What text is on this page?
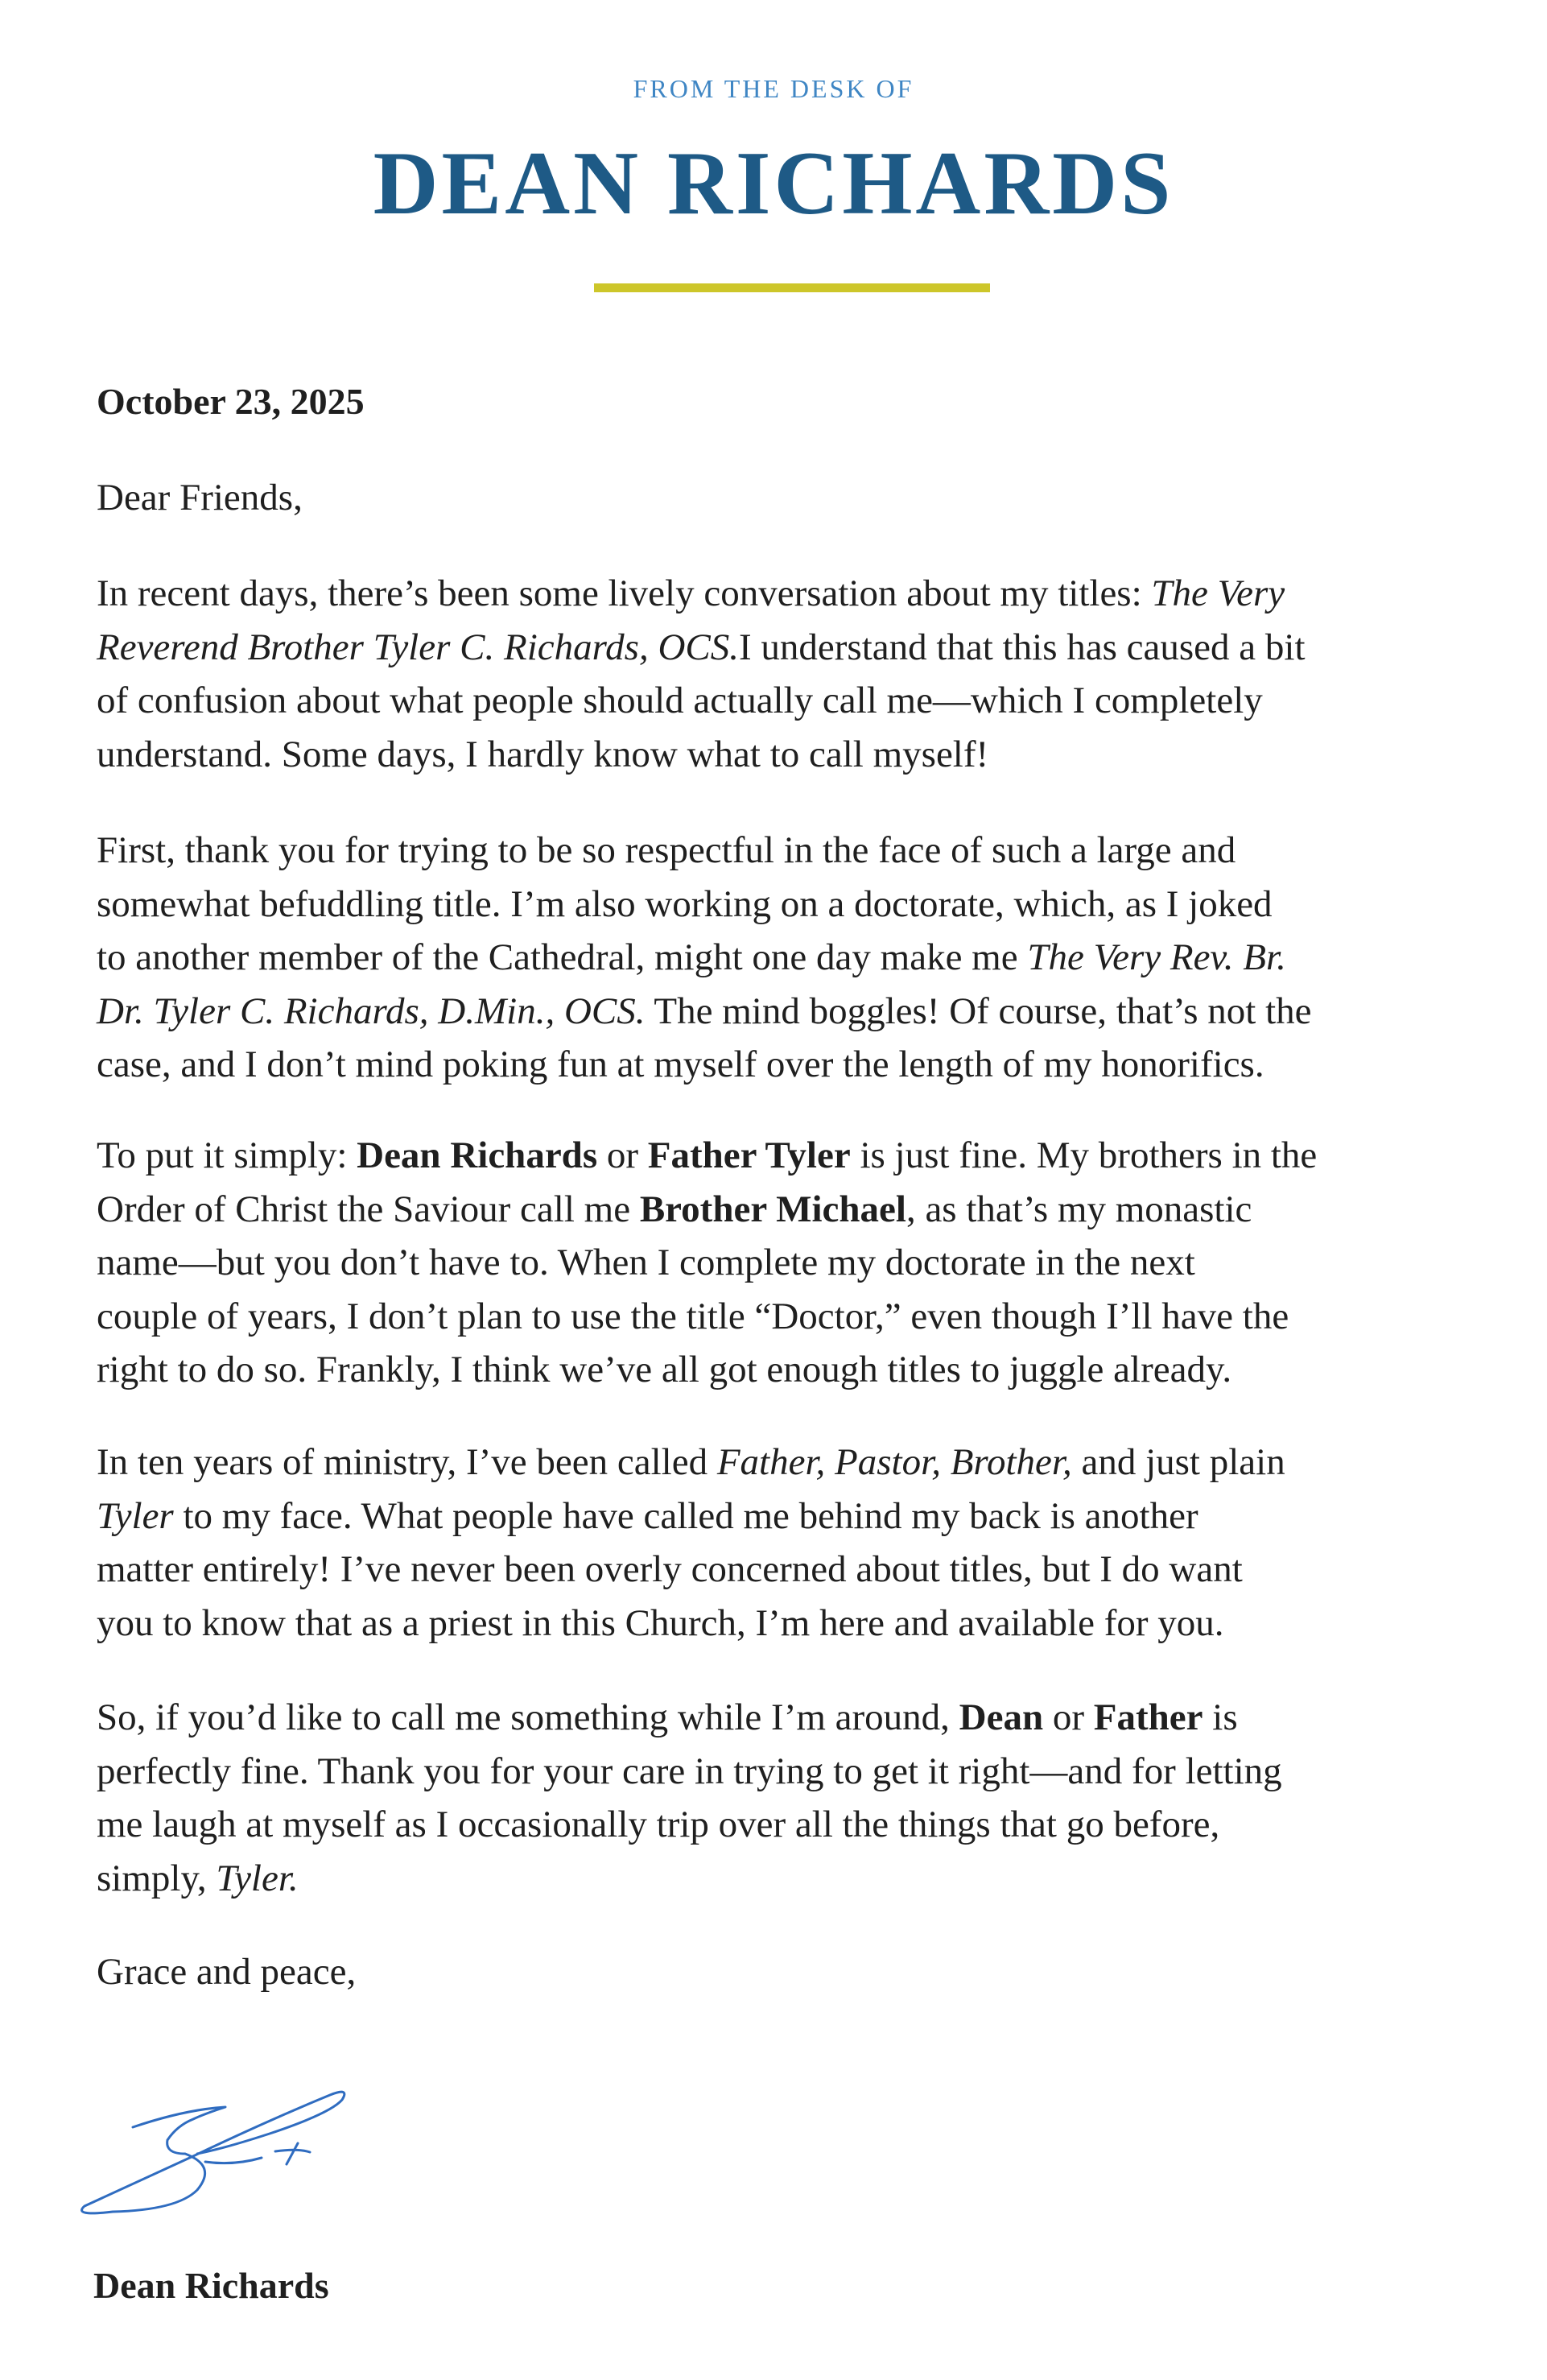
FROM THE DESK OF
DEAN RICHARDS
October 23, 2025
Dear Friends,
In recent days, there’s been some lively conversation about my titles: The Very
Reverend Brother Tyler C. Richards, OCS.I understand that this has caused a bit
of confusion about what people should actually call me—which I completely
understand. Some days, I hardly know what to call myself!
First, thank you for trying to be so respectful in the face of such a large and
somewhat befuddling title. I’m also working on a doctorate, which, as I joked
to another member of the Cathedral, might one day make me The Very Rev. Br.
Dr. Tyler C. Richards, D.Min., OCS. The mind boggles! Of course, that’s not the
case, and I don’t mind poking fun at myself over the length of my honorifics.
To put it simply: Dean Richards or Father Tyler is just fine. My brothers in the
Order of Christ the Saviour call me Brother Michael, as that’s my monastic
name—but you don’t have to. When I complete my doctorate in the next
couple of years, I don’t plan to use the title “Doctor,” even though I’ll have the
right to do so. Frankly, I think we’ve all got enough titles to juggle already.
In ten years of ministry, I’ve been called Father, Pastor, Brother, and just plain
Tyler to my face. What people have called me behind my back is another
matter entirely! I’ve never been overly concerned about titles, but I do want
you to know that as a priest in this Church, I’m here and available for you.
So, if you’d like to call me something while I’m around, Dean or Father is
perfectly fine. Thank you for your care in trying to get it right—and for letting
me laugh at myself as I occasionally trip over all the things that go before,
simply, Tyler.
Grace and peace,
Dean Richards
